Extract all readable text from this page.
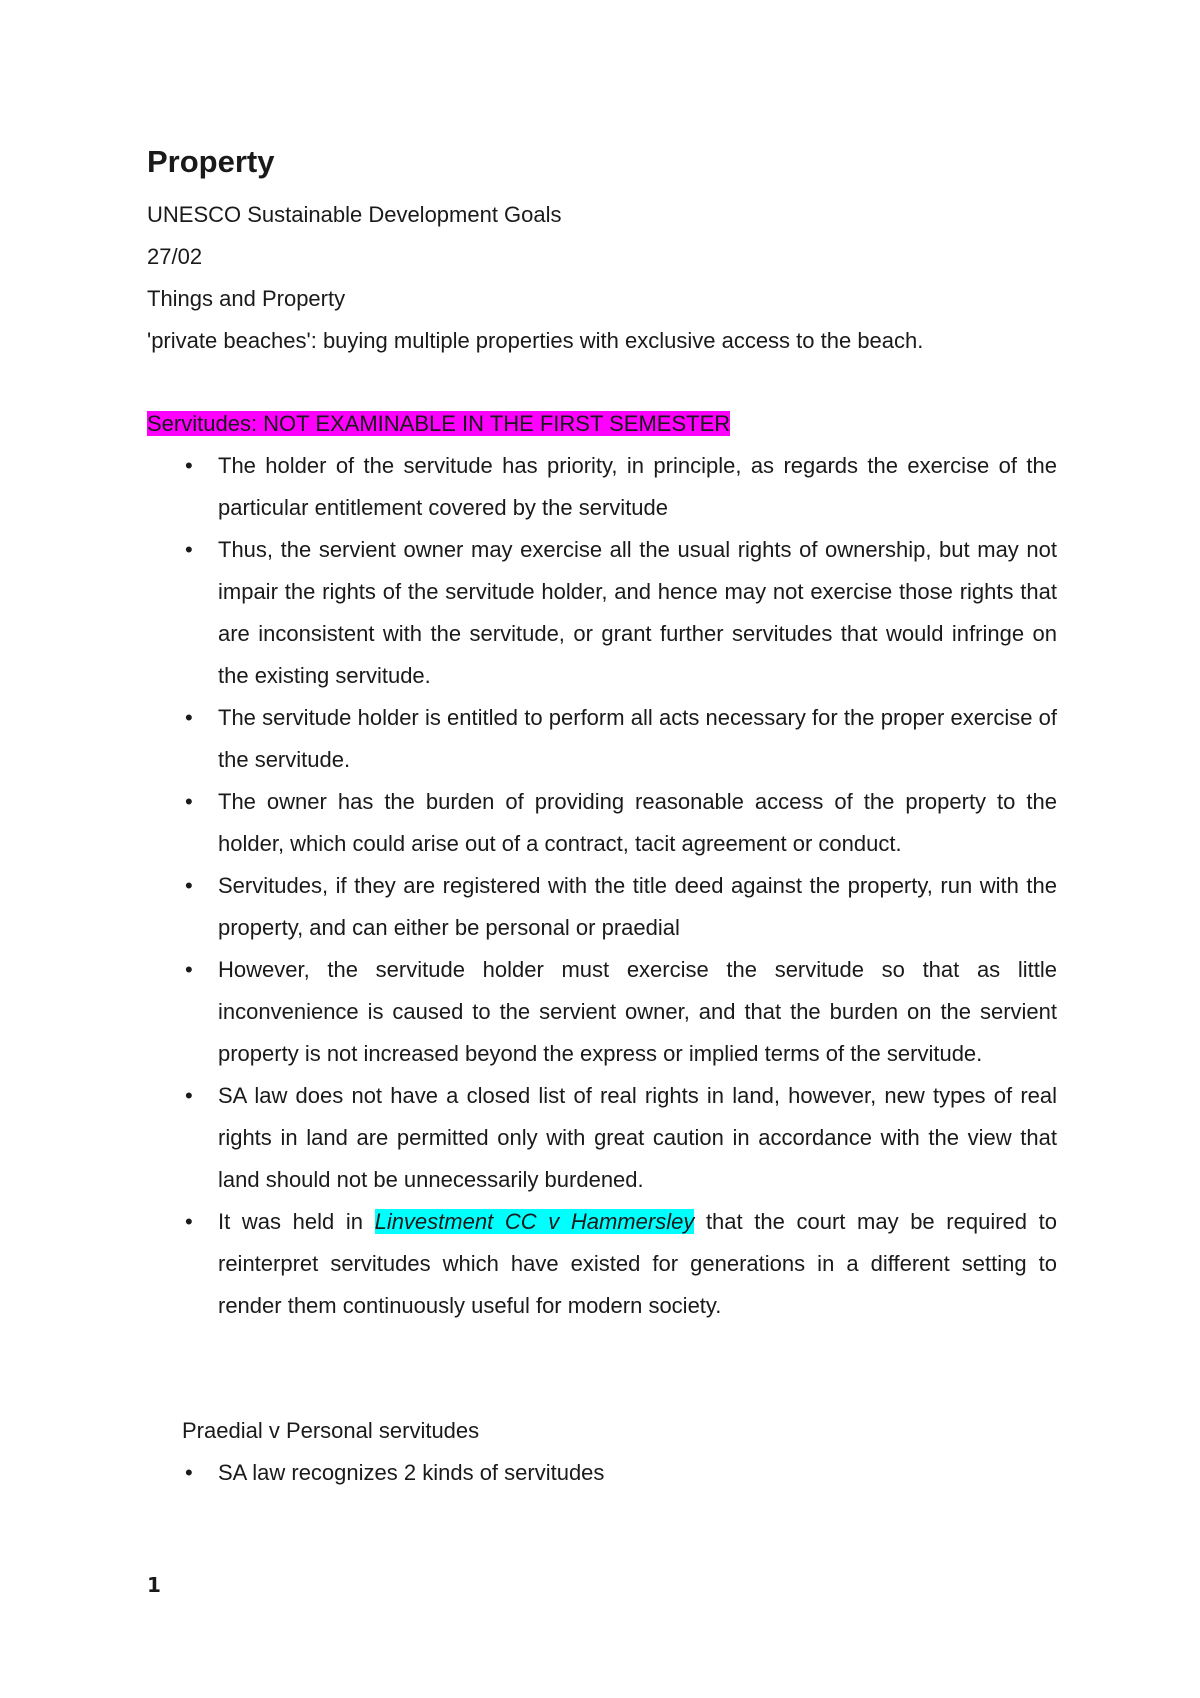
Property

UNESCO Sustainable Development Goals

27/02

Things and Property

'private beaches': buying multiple properties with exclusive access to the beach.

Servitudes: NOT EXAMINABLE IN THE FIRST SEMESTER

• The holder of the servitude has priority, in principle, as regards the exercise of the particular entitlement covered by the servitude
• Thus, the servient owner may exercise all the usual rights of ownership, but may not impair the rights of the servitude holder, and hence may not exercise those rights that are inconsistent with the servitude, or grant further servitudes that would infringe on the existing servitude.
• The servitude holder is entitled to perform all acts necessary for the proper exercise of the servitude.
• The owner has the burden of providing reasonable access of the property to the holder, which could arise out of a contract, tacit agreement or conduct.
• Servitudes, if they are registered with the title deed against the property, run with the property, and can either be personal or praedial
• However, the servitude holder must exercise the servitude so that as little inconvenience is caused to the servient owner, and that the burden on the servient property is not increased beyond the express or implied terms of the servitude.
• SA law does not have a closed list of real rights in land, however, new types of real rights in land are permitted only with great caution in accordance with the view that land should not be unnecessarily burdened.
• It was held in Linvestment CC v Hammersley that the court may be required to reinterpret servitudes which have existed for generations in a different setting to render them continuously useful for modern society.

Praedial v Personal servitudes

• SA law recognizes 2 kinds of servitudes
1
